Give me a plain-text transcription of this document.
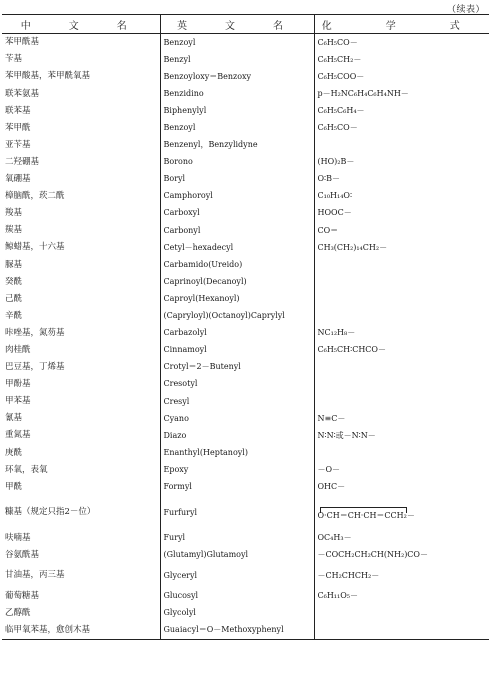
（续表）
中　文　名	英　文　名	化　学　式
苯甲酰基	Benzoyl	C₆H₅CO－
苄基	Benzyl	C₆H₅CH₂－
苯甲酸基，苯甲酰氧基	Benzoyloxy＝Benzoxy	C₆H₅COO－
联苯氨基	Benzidino	p－H₂NC₆H₄C₆H₄NH－
联苯基	Biphenylyl	C₆H₅C₆H₄－
苯甲酰	Benzoyl	C₆H₅CO－
亚苄基	Benzenyl，Benzylidyne	
二羟硼基	Borono	(HO)₂B－
氧硼基	Boryl	O∶B－
樟脑酰，莰二酰	Camphoroyl	C₁₀H₁₄O∶
羧基	Carboxyl	HOOC－
羰基	Carbonyl	CO＝
鲸蜡基，十六基	Cetyl－hexadecyl	CH₃(CH₂)₁₄CH₂－
脲基	Carbamido(Ureido)	
癸酰	Caprinoyl(Decanoyl)	
己酰	Caproyl(Hexanoyl)	
辛酰	(Capryloyl)(Octanoyl)Caprylyl	
咔唑基，氮芴基	Carbazolyl	NC₁₂H₈－
肉桂酰	Cinnamoyl	C₆H₅CH∶CHCO－
巴豆基，丁烯基	Crotyl＝2－Butenyl	
甲酚基	Cresotyl	
甲苯基	Cresyl	
氰基	Cyano	N≡C－
重氮基	Diazo	N∶N∶或－N∶N－
庚酰	Enanthyl(Heptanoyl)	
环氧，表氧	Epoxy	－O－
甲酰	Formyl	OHC－
糠基（规定只指2－位）	Furfuryl	O·CH＝CH·CH＝CCH₂－
呋喃基	Furyl	OC₄H₃－
谷氨酰基	(Glutamyl)Glutamoyl	－COCH₂CH₂CH(NH₂)CO－
甘油基，丙三基	Glyceryl	－CH₂CHCH₂－
葡萄糖基	Glucosyl	C₆H₁₁O₅－
乙醇酰	Glycolyl	
临甲氧苯基，愈创木基	Guaiacyl＝O－Methoxyphenyl	
